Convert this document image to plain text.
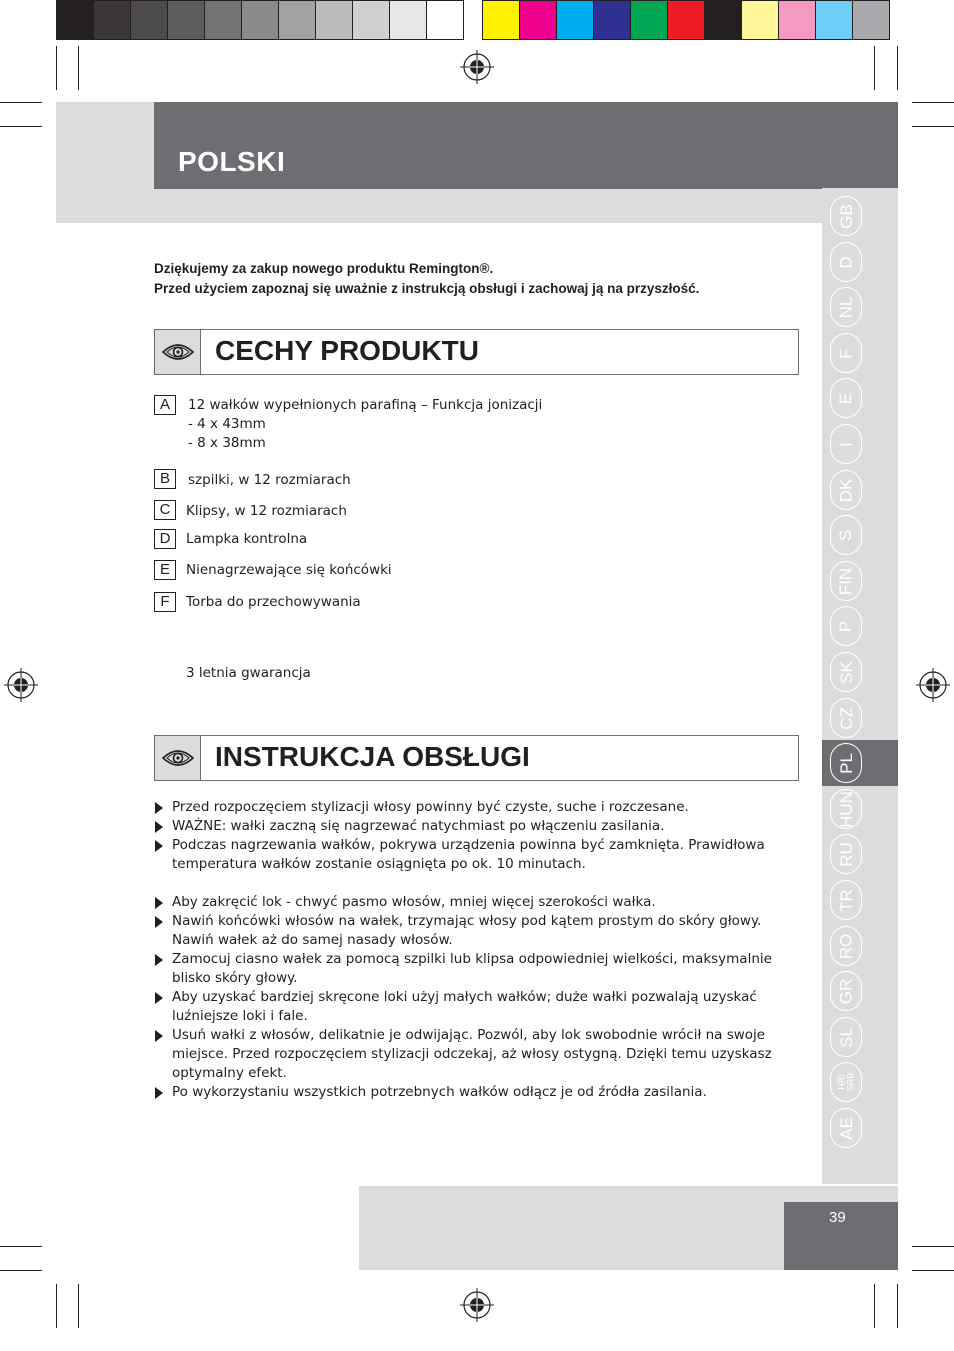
POLSKI
GB
D
NL
F
E
I
DK
S
FIN
P
SK
CZ
PL
HUN
RU
TR
RO
GR
SL
HR/
SRB
AE
Dziękujemy za zakup nowego produktu Remington®.
Przed użyciem zapoznaj się uważnie z instrukcją obsługi i zachowaj ją na przyszłość.
CECHY PRODUKTU
A	12 wałków wypełnionych parafiną – Funkcja jonizacji
- 4 x 43mm
- 8 x 38mm
B	szpilki, w 12 rozmiarach
C	Klipsy, w 12 rozmiarach
D	Lampka kontrolna
E	Nienagrzewające się końcówki
F	Torba do przechowywania
3 letnia gwarancja
INSTRUKCJA OBSŁUGI
Przed rozpoczęciem stylizacji włosy powinny być czyste, suche i rozczesane.
WAŻNE: wałki zaczną się nagrzewać natychmiast po włączeniu zasilania.
Podczas nagrzewania wałków, pokrywa urządzenia powinna być zamknięta. Prawidłowa temperatura wałków zostanie osiągnięta po ok. 10 minutach.
Aby zakręcić lok - chwyć pasmo włosów, mniej więcej szerokości wałka.
Nawiń końcówki włosów na wałek, trzymając włosy pod kątem prostym do skóry głowy. Nawiń wałek aż do samej nasady włosów.
Zamocuj ciasno wałek za pomocą szpilki lub klipsa odpowiedniej wielkości, maksymalnie blisko skóry głowy.
Aby uzyskać bardziej skręcone loki użyj małych wałków; duże wałki pozwalają uzyskać luźniejsze loki i fale.
Usuń wałki z włosów, delikatnie je odwijając. Pozwól, aby lok swobodnie wrócił na swoje miejsce. Przed rozpoczęciem stylizacji odczekaj, aż włosy ostygną. Dzięki temu uzyskasz optymalny efekt.
Po wykorzystaniu wszystkich potrzebnych wałków odłącz je od źródła zasilania.
39
